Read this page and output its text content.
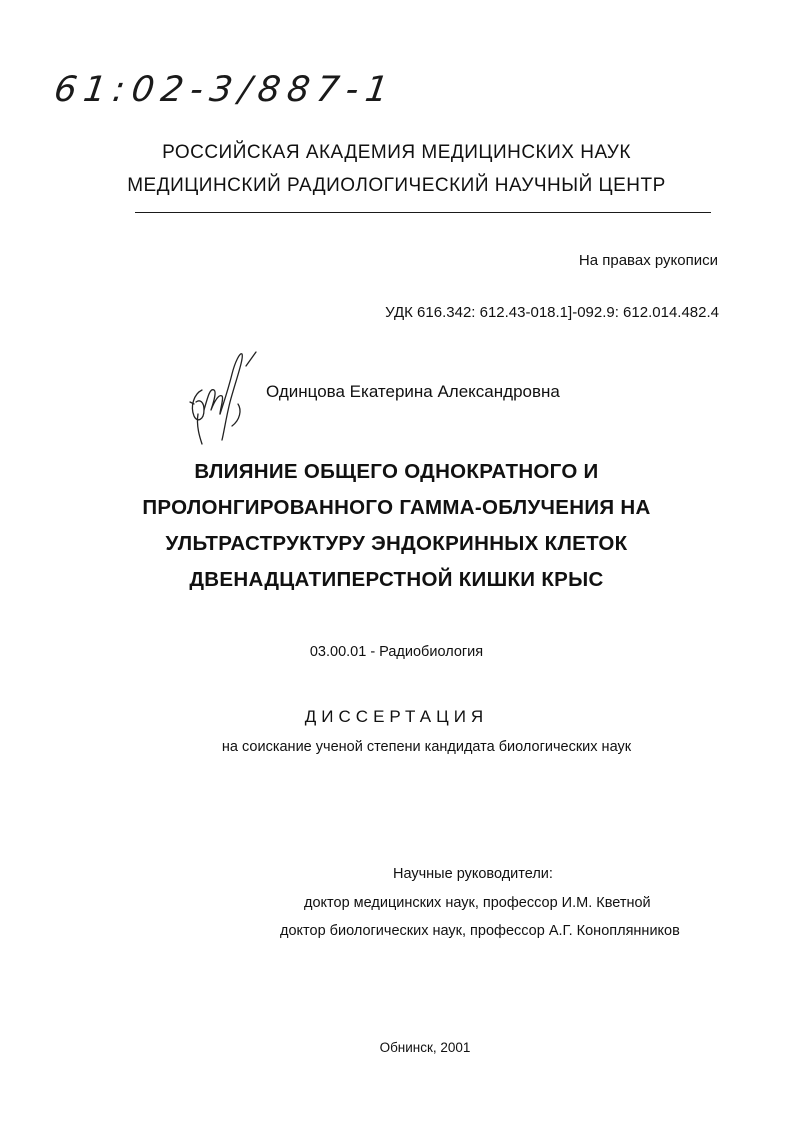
61:02-3/887-1
РОССИЙСКАЯ АКАДЕМИЯ МЕДИЦИНСКИХ НАУК
МЕДИЦИНСКИЙ РАДИОЛОГИЧЕСКИЙ НАУЧНЫЙ ЦЕНТР
На правах рукописи
УДК 616.342: 612.43-018.1]-092.9: 612.014.482.4
Одинцова Екатерина Александровна
ВЛИЯНИЕ ОБЩЕГО ОДНОКРАТНОГО И
ПРОЛОНГИРОВАННОГО ГАММА-ОБЛУЧЕНИЯ НА
УЛЬТРАСТРУКТУРУ ЭНДОКРИННЫХ КЛЕТОК
ДВЕНАДЦАТИПЕРСТНОЙ КИШКИ КРЫС
03.00.01 - Радиобиология
ДИССЕРТАЦИЯ
на соискание ученой степени кандидата биологических наук
Научные руководители:
доктор медицинских наук, профессор И.М. Кветной
доктор биологических наук, профессор А.Г. Коноплянников
Обнинск, 2001
